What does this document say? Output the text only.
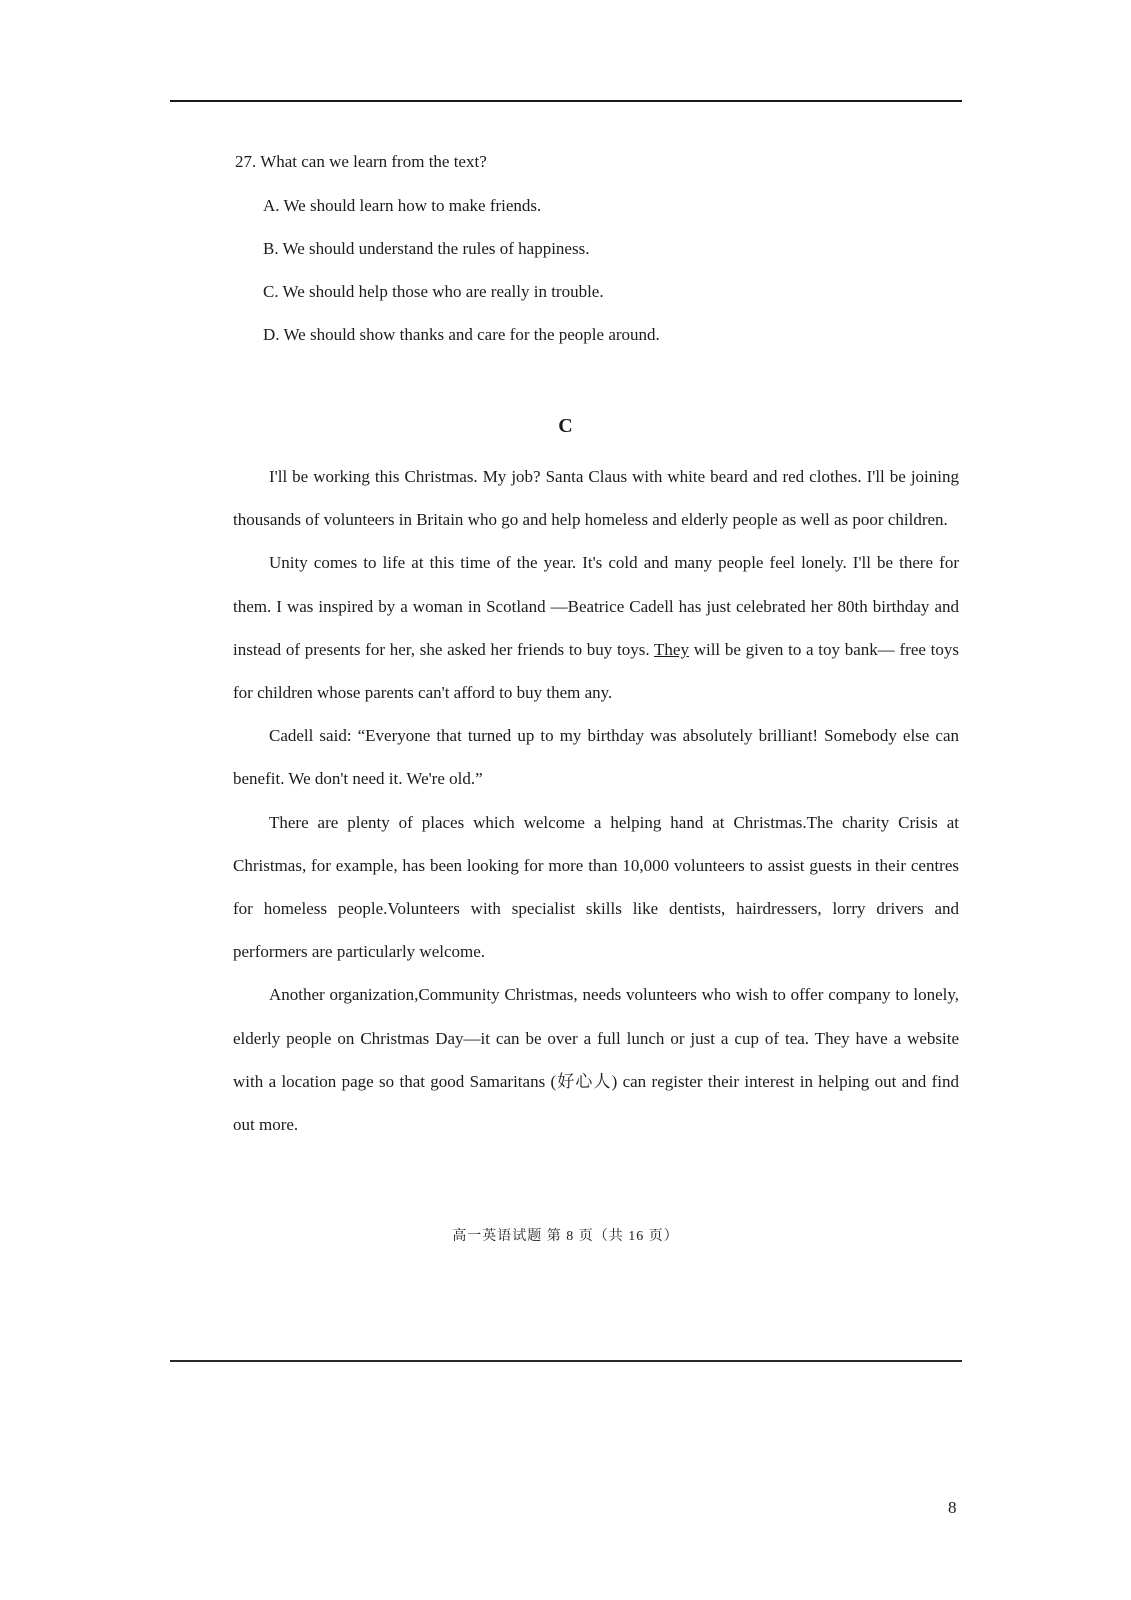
27. What can we learn from the text?

A. We should learn how to make friends.

B. We should understand the rules of happiness.

C. We should help those who are really in trouble.

D. We should show thanks and care for the people around.

C

I'll be working this Christmas. My job? Santa Claus with white beard and red clothes. I'll be joining thousands of volunteers in Britain who go and help homeless and elderly people as well as poor children.

Unity comes to life at this time of the year. It's cold and many people feel lonely. I'll be there for them. I was inspired by a woman in Scotland —Beatrice Cadell has just celebrated her 80th birthday and instead of presents for her, she asked her friends to buy toys. They will be given to a toy bank— free toys for children whose parents can't afford to buy them any.

Cadell said: “Everyone that turned up to my birthday was absolutely brilliant! Somebody else can benefit. We don't need it. We're old.”

There are plenty of places which welcome a helping hand at Christmas.The charity Crisis at Christmas, for example, has been looking for more than 10,000 volunteers to assist guests in their centres for homeless people.Volunteers with specialist skills like dentists, hairdressers, lorry drivers and performers are particularly welcome.

Another organization,Community Christmas, needs volunteers who wish to offer company to lonely, elderly people on Christmas Day—it can be over a full lunch or just a cup of tea. They have a website with a location page so that good Samaritans (好心人) can register their interest in helping out and find out more.

高一英语试题 第 8 页（共 16 页）
8
